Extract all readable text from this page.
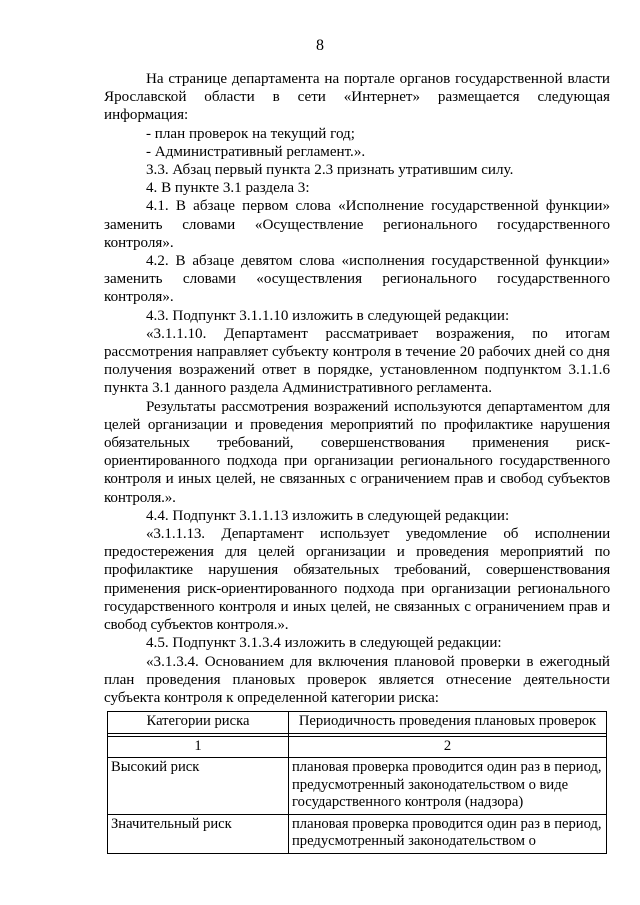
8

На странице департамента на портале органов государственной власти Ярославской области в сети «Интернет» размещается следующая информация:

- план проверок на текущий год;

- Административный регламент.».

3.3. Абзац первый пункта 2.3 признать утратившим силу.

4. В пункте 3.1 раздела 3:

4.1. В абзаце первом слова «Исполнение государственной функции» заменить словами «Осуществление регионального государственного контроля».

4.2. В абзаце девятом слова «исполнения государственной функции» заменить словами «осуществления регионального государственного контроля».

4.3. Подпункт 3.1.1.10 изложить в следующей редакции:

«3.1.1.10. Департамент рассматривает возражения, по итогам рассмотрения направляет субъекту контроля в течение 20 рабочих дней со дня получения возражений ответ в порядке, установленном подпунктом 3.1.1.6 пункта 3.1 данного раздела Административного регламента.

Результаты рассмотрения возражений используются департаментом для целей организации и проведения мероприятий по профилактике нарушения обязательных требований, совершенствования применения риск-ориентированного подхода при организации регионального государственного контроля и иных целей, не связанных с ограничением прав и свобод субъектов контроля.».

4.4. Подпункт 3.1.1.13 изложить в следующей редакции:

«3.1.1.13. Департамент использует уведомление об исполнении предостережения для целей организации и проведения мероприятий по профилактике нарушения обязательных требований, совершенствования применения риск-ориентированного подхода при организации регионального государственного контроля и иных целей, не связанных с ограничением прав и свобод субъектов контроля.».

4.5. Подпункт 3.1.3.4 изложить в следующей редакции:

«3.1.3.4. Основанием для включения плановой проверки в ежегодный план проведения плановых проверок является отнесение деятельности субъекта контроля к определенной категории риска:

Категории риска	Периодичность проведения плановых проверок

1	2
Высокий риск	плановая проверка проводится один раз в период, предусмотренный законодательством о виде государственного контроля (надзора)
Значительный риск	плановая проверка проводится один раз в период, предусмотренный законодательством о
